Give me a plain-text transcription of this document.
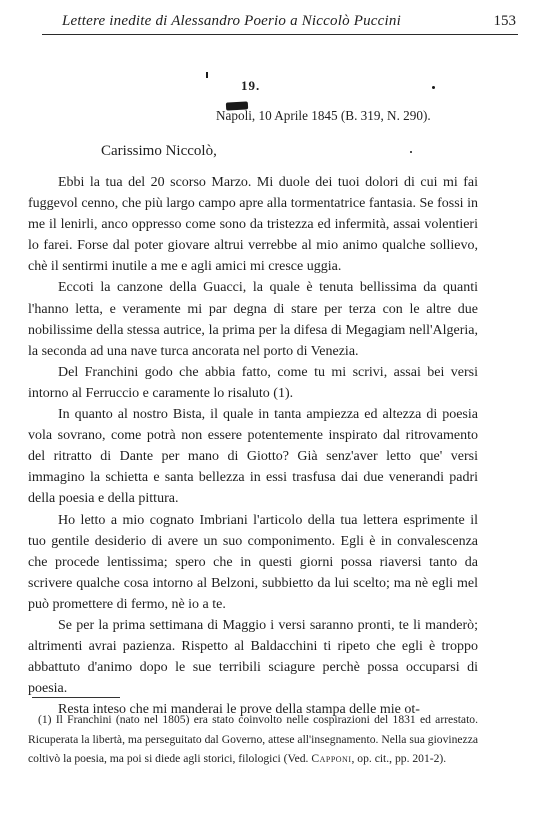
Lettere inedite di Alessandro Poerio a Niccolò Puccini	153
19.
Napoli, 10 Aprile 1845 (B. 319, N. 290).
Carissimo Niccolò,

Ebbi la tua del 20 scorso Marzo. Mi duole dei tuoi dolori di cui mi fai fuggevol cenno, che più largo campo apre alla tormentatrice fantasia. Se fossi in me il lenirli, anco oppresso come sono da tristezza ed infermità, assai volentieri lo farei. Forse dal poter giovare altrui verrebbe al mio animo qualche sollievo, chè il sentirmi inutile a me e agli amici mi cresce uggia.

Eccoti la canzone della Guacci, la quale è tenuta bellissima da quanti l'hanno letta, e veramente mi par degna di stare per terza con le altre due nobilissime della stessa autrice, la prima per la difesa di Megagiam nell'Algeria, la seconda ad una nave turca ancorata nel porto di Venezia.

Del Franchini godo che abbia fatto, come tu mi scrivi, assai bei versi intorno al Ferruccio e caramente lo risaluto (1).

In quanto al nostro Bista, il quale in tanta ampiezza ed altezza di poesia vola sovrano, come potrà non essere potentemente inspirato dal ritrovamento del ritratto di Dante per mano di Giotto? Già senz'aver letto que' versi immagino la schietta e santa bellezza in essi trasfusa dai due venerandi padri della poesia e della pittura.

Ho letto a mio cognato Imbriani l'articolo della tua lettera esprimente il tuo gentile desiderio di avere un suo componimento. Egli è in convalescenza che procede lentissima; spero che in questi giorni possa riaversi tanto da scrivere qualche cosa intorno al Belzoni, subbietto da lui scelto; ma nè egli mel può promettere di fermo, nè io a te.

Se per la prima settimana di Maggio i versi saranno pronti, te li manderò; altrimenti avrai pazienza. Rispetto al Baldacchini ti ripeto che egli è troppo abbattuto d'animo dopo le sue terribili sciagure perchè possa occuparsi di poesia.

Resta inteso che mi manderai le prove della stampa delle mie ot-

(1) Il Franchini (nato nel 1805) era stato coinvolto nelle cospirazioni del 1831 ed arrestato. Ricuperata la libertà, ma perseguitato dal Governo, attese all'insegnamento. Nella sua giovinezza coltivò la poesia, ma poi si diede agli storici, filologici (Ved. Capponi, op. cit., pp. 201-2).
